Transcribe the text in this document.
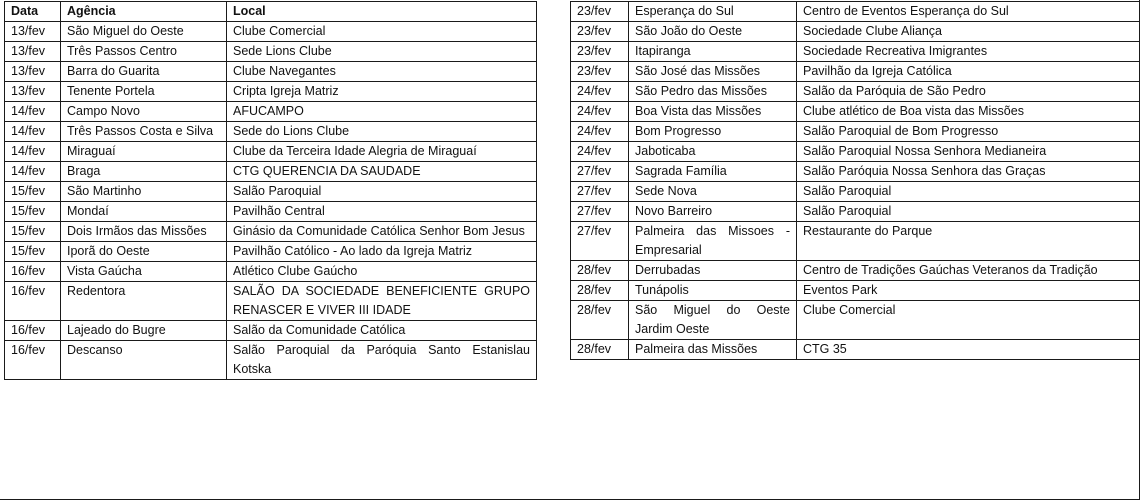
Data	Agência	Local
13/fev	São Miguel do Oeste	Clube Comercial
13/fev	Três Passos Centro	Sede Lions Clube
13/fev	Barra do Guarita	Clube Navegantes
13/fev	Tenente Portela	Cripta Igreja Matriz
14/fev	Campo Novo	AFUCAMPO
14/fev	Três Passos Costa e Silva	Sede do Lions Clube
14/fev	Miraguaí	Clube da Terceira Idade Alegria de Miraguaí
14/fev	Braga	CTG QUERENCIA DA SAUDADE
15/fev	São Martinho	Salão Paroquial
15/fev	Mondaí	Pavilhão Central
15/fev	Dois Irmãos das Missões	Ginásio da Comunidade Católica Senhor Bom Jesus
15/fev	Iporã do Oeste	Pavilhão Católico - Ao lado da Igreja Matriz
16/fev	Vista Gaúcha	Atlético Clube Gaúcho
16/fev	Redentora	SALÃO DA SOCIEDADE BENEFICIENTE GRUPO RENASCER E VIVER III IDADE
16/fev	Lajeado do Bugre	Salão da Comunidade Católica
16/fev	Descanso	Salão Paroquial da Paróquia Santo Estanislau Kotska
23/fev	Esperança do Sul	Centro de Eventos Esperança do Sul
23/fev	São João do Oeste	Sociedade Clube Aliança
23/fev	Itapiranga	Sociedade Recreativa Imigrantes
23/fev	São José das Missões	Pavilhão da Igreja Católica
24/fev	São Pedro das Missões	Salão da Paróquia de São Pedro
24/fev	Boa Vista das Missões	Clube atlético de Boa vista das Missões
24/fev	Bom Progresso	Salão Paroquial de Bom Progresso
24/fev	Jaboticaba	Salão Paroquial Nossa Senhora Medianeira
27/fev	Sagrada Família	Salão Paróquia Nossa Senhora das Graças
27/fev	Sede Nova	Salão Paroquial
27/fev	Novo Barreiro	Salão Paroquial
27/fev	Palmeira das Missoes - Empresarial	Restaurante do Parque
28/fev	Derrubadas	Centro de Tradições Gaúchas Veteranos da Tradição
28/fev	Tunápolis	Eventos Park
28/fev	São Miguel do Oeste Jardim Oeste	Clube Comercial
28/fev	Palmeira das Missões	CTG 35
